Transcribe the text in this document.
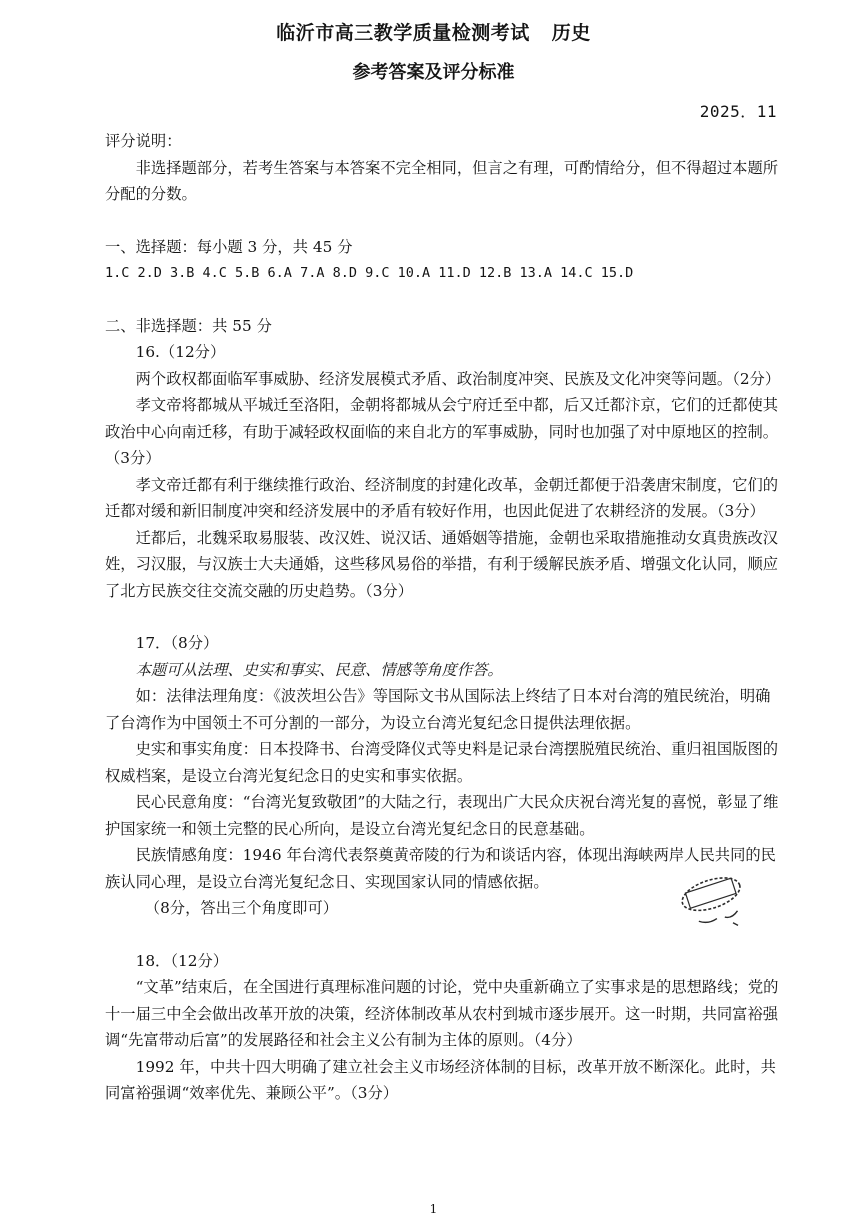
临沂市高三教学质量检测考试 历史
参考答案及评分标准
2025．11

评分说明：

非选择题部分，若考生答案与本答案不完全相同，但言之有理，可酌情给分，但不得超过本题所分配的分数。

一、选择题：每小题 3 分，共 45 分

1.C 2.D 3.B 4.C 5.B 6.A 7.A 8.D 9.C 10.A 11.D 12.B 13.A 14.C 15.D

二、非选择题：共 55 分

16.（12分）

两个政权都面临军事威胁、经济发展模式矛盾、政治制度冲突、民族及文化冲突等问题。（2分）

孝文帝将都城从平城迁至洛阳，金朝将都城从会宁府迁至中都，后又迁都汴京，它们的迁都使其政治中心向南迁移，有助于减轻政权面临的来自北方的军事威胁，同时也加强了对中原地区的控制。（3分）

孝文帝迁都有利于继续推行政治、经济制度的封建化改革，金朝迁都便于沿袭唐宋制度，它们的迁都对缓和新旧制度冲突和经济发展中的矛盾有较好作用，也因此促进了农耕经济的发展。（3分）

迁都后，北魏采取易服装、改汉姓、说汉话、通婚姻等措施，金朝也采取措施推动女真贵族改汉姓，习汉服，与汉族士大夫通婚，这些移风易俗的举措，有利于缓解民族矛盾、增强文化认同，顺应了北方民族交往交流交融的历史趋势。（3分）

17．（8分）

本题可从法理、史实和事实、民意、情感等角度作答。

如：法律法理角度：《波茨坦公告》等国际文书从国际法上终结了日本对台湾的殖民统治，明确了台湾作为中国领土不可分割的一部分，为设立台湾光复纪念日提供法理依据。

史实和事实角度：日本投降书、台湾受降仪式等史料是记录台湾摆脱殖民统治、重归祖国版图的权威档案，是设立台湾光复纪念日的史实和事实依据。

民心民意角度：“台湾光复致敬团”的大陆之行，表现出广大民众庆祝台湾光复的喜悦，彰显了维护国家统一和领土完整的民心所向，是设立台湾光复纪念日的民意基础。

民族情感角度：1946 年台湾代表祭奠黄帝陵的行为和谈话内容，体现出海峡两岸人民共同的民族认同心理，是设立台湾光复纪念日、实现国家认同的情感依据。

（8分，答出三个角度即可）

18．（12分）

“文革”结束后，在全国进行真理标准问题的讨论，党中央重新确立了实事求是的思想路线；党的十一届三中全会做出改革开放的决策，经济体制改革从农村到城市逐步展开。这一时期，共同富裕强调“先富带动后富”的发展路径和社会主义公有制为主体的原则。（4分）

1992 年，中共十四大明确了建立社会主义市场经济体制的目标，改革开放不断深化。此时，共同富裕强调“效率优先、兼顾公平”。（3分）

1
